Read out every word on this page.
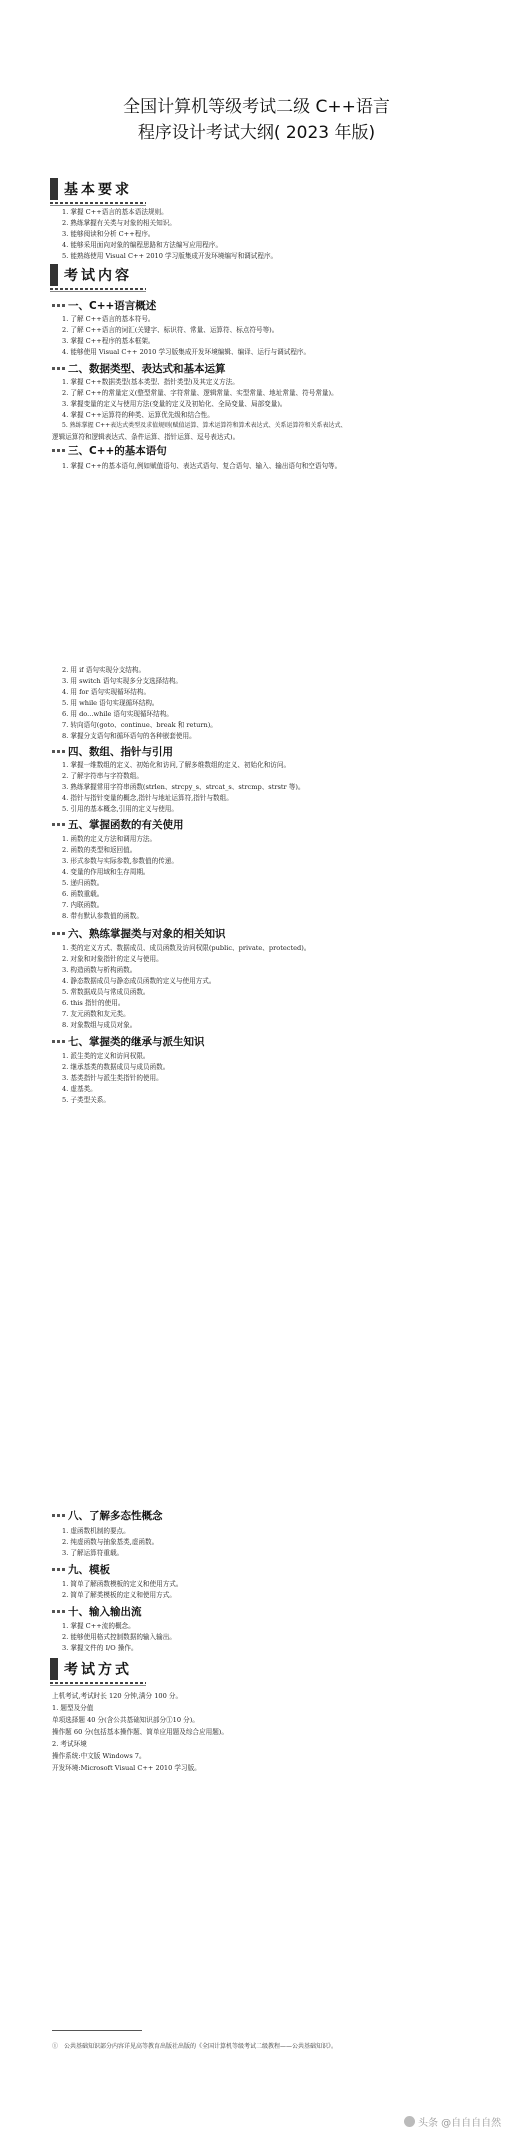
全国计算机等级考试二级 C++语言
程序设计考试大纲( 2023 年版)
基本要求
1. 掌握 C++语言的基本语法规则。
2. 熟练掌握有关类与对象的相关知识。
3. 能够阅读和分析 C++程序。
4. 能够采用面向对象的编程思路和方法编写应用程序。
5. 能熟练使用 Visual C++ 2010 学习版集成开发环境编写和调试程序。
考试内容
一、C++语言概述
1. 了解 C++语言的基本符号。
2. 了解 C++语言的词汇(关键字、标识符、常量、运算符、标点符号等)。
3. 掌握 C++程序的基本框架。
4. 能够使用 Visual C++ 2010 学习版集成开发环境编辑、编译、运行与调试程序。
二、数据类型、表达式和基本运算
1. 掌握 C++数据类型(基本类型、指针类型)及其定义方法。
2. 了解 C++的常量定义(整型常量、字符常量、逻辑常量、实型常量、地址常量、符号常量)。
3. 掌握变量的定义与使用方法(变量的定义及初始化、全局变量、局部变量)。
4. 掌握 C++运算符的种类、运算优先级和结合性。
5. 熟练掌握 C++表达式类型及求值规则(赋值运算、算术运算符和算术表达式、关系运算符和关系表达式、
逻辑运算符和逻辑表达式、条件运算、指针运算、逗号表达式)。
三、C++的基本语句
1. 掌握 C++的基本语句,例如赋值语句、表达式语句、复合语句、输入、输出语句和空语句等。
2. 用 if 语句实现分支结构。
3. 用 switch 语句实现多分支选择结构。
4. 用 for 语句实现循环结构。
5. 用 while 语句实现循环结构。
6. 用 do...while 语句实现循环结构。
7. 转向语句(goto、continue、break 和 return)。
8. 掌握分支语句和循环语句的各种嵌套使用。
四、数组、指针与引用
1. 掌握一维数组的定义、初始化和访问,了解多维数组的定义、初始化和访问。
2. 了解字符串与字符数组。
3. 熟练掌握常用字符串函数(strlen、strcpy_s、strcat_s、strcmp、strstr 等)。
4. 指针与指针变量的概念,指针与地址运算符,指针与数组。
5. 引用的基本概念,引用的定义与使用。
五、掌握函数的有关使用
1. 函数的定义方法和调用方法。
2. 函数的类型和返回值。
3. 形式参数与实际参数,参数值的传递。
4. 变量的作用域和生存周期。
5. 递归函数。
6. 函数重载。
7. 内联函数。
8. 带有默认参数值的函数。
六、熟练掌握类与对象的相关知识
1. 类的定义方式、数据成员、成员函数及访问权限(public、private、protected)。
2. 对象和对象指针的定义与使用。
3. 构造函数与析构函数。
4. 静态数据成员与静态成员函数的定义与使用方式。
5. 常数据成员与常成员函数。
6. this 指针的使用。
7. 友元函数和友元类。
8. 对象数组与成员对象。
七、掌握类的继承与派生知识
1. 派生类的定义和访问权限。
2. 继承基类的数据成员与成员函数。
3. 基类指针与派生类指针的使用。
4. 虚基类。
5. 子类型关系。
八、了解多态性概念
1. 虚函数机制的要点。
2. 纯虚函数与抽象基类,虚函数。
3. 了解运算符重载。
九、模板
1. 简单了解函数模板的定义和使用方式。
2. 简单了解类模板的定义和使用方式。
十、输入输出流
1. 掌握 C++流的概念。
2. 能够使用格式控制数据的输入输出。
3. 掌握文件的 I/O 操作。
考试方式
上机考试,考试时长 120 分钟,满分 100 分。
1. 题型及分值
单项选择题 40 分(含公共基础知识部分①10 分)。
操作题 60 分(包括基本操作题、简单应用题及综合应用题)。
2. 考试环境
操作系统:中文版 Windows 7。
开发环境:Microsoft Visual C++ 2010 学习版。
①　公共基础知识部分内容详见高等教育出版社出版的《全国计算机等级考试二级教程——公共基础知识》。
头条 @自自自自然
